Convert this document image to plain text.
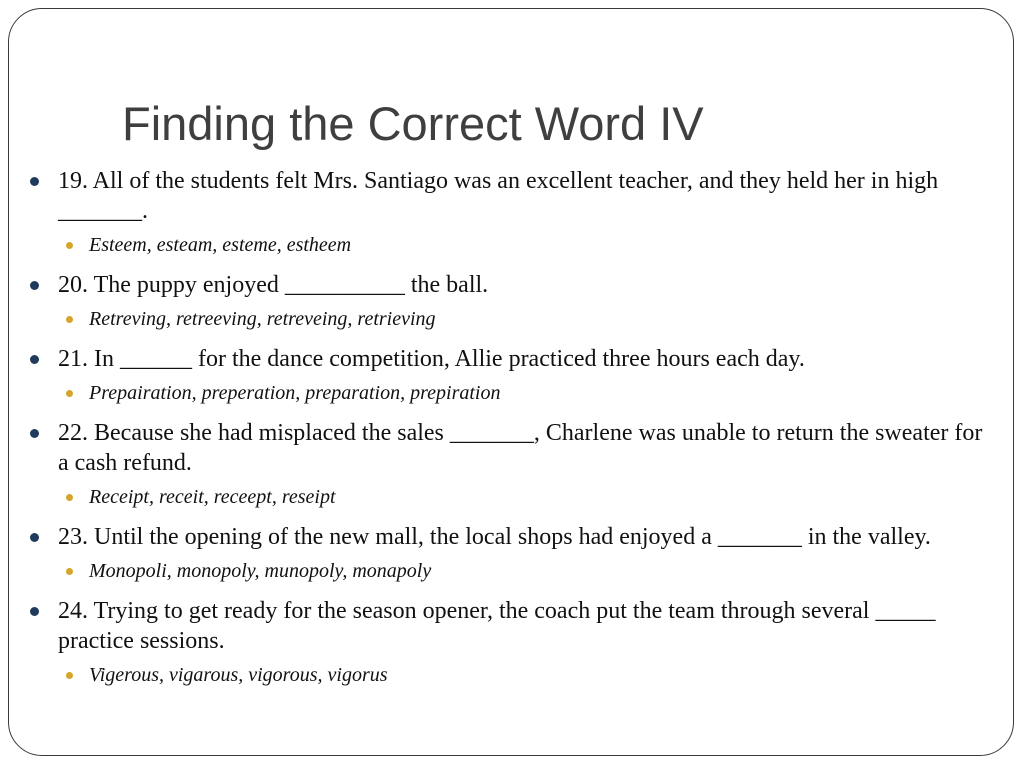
Finding the Correct Word IV
19. All of the students felt Mrs. Santiago was an excellent teacher, and they held her in high _______.
Esteem, esteam, esteme, estheem
20. The puppy enjoyed __________ the ball.
Retreving, retreeving, retreveing, retrieving
21. In ______ for the dance competition, Allie practiced three hours each day.
Prepairation, preperation, preparation, prepiration
22. Because she had misplaced the sales _______, Charlene was unable to return the sweater for a cash refund.
Receipt, receit, receept, reseipt
23. Until the opening of the new mall, the local shops had enjoyed a _______ in the valley.
Monopoli, monopoly, munopoly, monapoly
24. Trying to get ready for the season opener, the coach put the team through several _____ practice sessions.
Vigerous, vigarous, vigorous, vigorus
